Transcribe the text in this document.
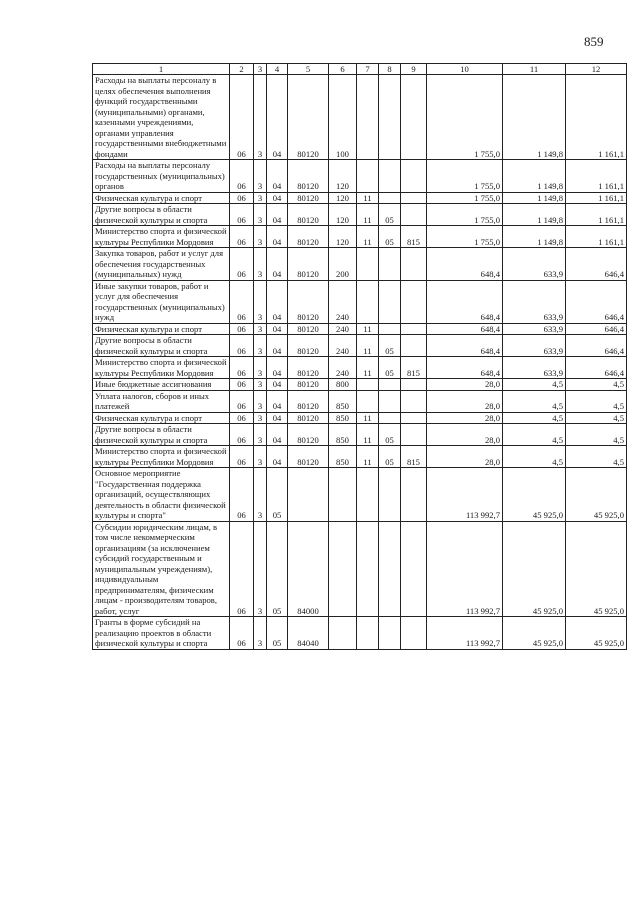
859
1	2	3	4	5	6	7	8	9	10	11	12
Расходы на выплаты персоналу в целях обеспечения выполнения функций государственными (муниципальными) органами, казенными учреждениями, органами управления государственными внебюджетными фондами	06	3	04	80120	100				1 755,0	1 149,8	1 161,1
Расходы на выплаты персоналу государственных (муниципальных) органов	06	3	04	80120	120				1 755,0	1 149,8	1 161,1
Физическая культура и спорт	06	3	04	80120	120	11			1 755,0	1 149,8	1 161,1
Другие вопросы в области физической культуры и спорта	06	3	04	80120	120	11	05		1 755,0	1 149,8	1 161,1
Министерство спорта и физической культуры Республики Мордовия	06	3	04	80120	120	11	05	815	1 755,0	1 149,8	1 161,1
Закупка товаров, работ и услуг для обеспечения государственных (муниципальных) нужд	06	3	04	80120	200				648,4	633,9	646,4
Иные закупки товаров, работ и услуг для обеспечения государственных (муниципальных) нужд	06	3	04	80120	240				648,4	633,9	646,4
Физическая культура и спорт	06	3	04	80120	240	11			648,4	633,9	646,4
Другие вопросы в области физической культуры и спорта	06	3	04	80120	240	11	05		648,4	633,9	646,4
Министерство спорта и физической культуры Республики Мордовия	06	3	04	80120	240	11	05	815	648,4	633,9	646,4
Иные бюджетные ассигнования	06	3	04	80120	800				28,0	4,5	4,5
Уплата налогов, сборов и иных платежей	06	3	04	80120	850				28,0	4,5	4,5
Физическая культура и спорт	06	3	04	80120	850	11			28,0	4,5	4,5
Другие вопросы в области физической культуры и спорта	06	3	04	80120	850	11	05		28,0	4,5	4,5
Министерство спорта и физической культуры Республики Мордовия	06	3	04	80120	850	11	05	815	28,0	4,5	4,5
Основное мероприятие "Государственная поддержка организаций, осуществляющих деятельность в области физической культуры и спорта"	06	3	05						113 992,7	45 925,0	45 925,0
Субсидии юридическим лицам, в том числе некоммерческим организациям (за исключением субсидий государственным и муниципальным учреждениям), индивидуальным предпринимателям, физическим лицам - производителям товаров, работ, услуг	06	3	05	84000					113 992,7	45 925,0	45 925,0
Гранты в форме субсидий на реализацию проектов в области физической культуры и спорта	06	3	05	84040					113 992,7	45 925,0	45 925,0
